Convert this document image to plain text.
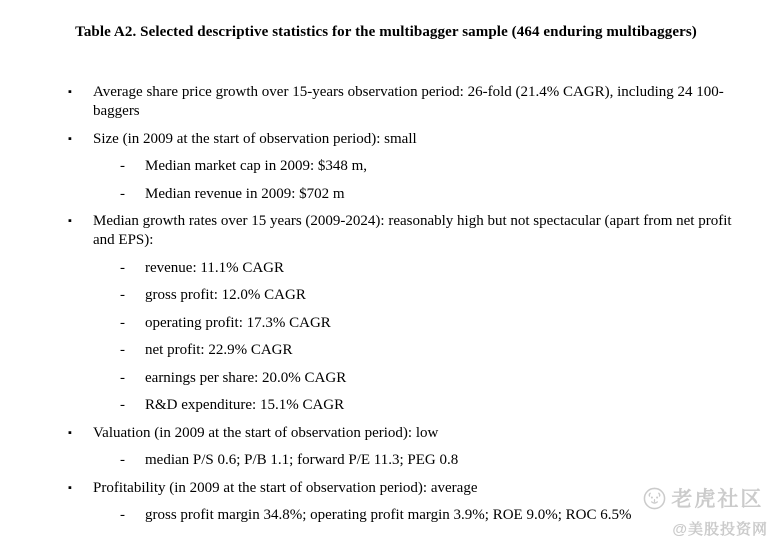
Table A2. Selected descriptive statistics for the multibagger sample (464 enduring multibaggers)
▪	Average share price growth over 15-years observation period: 26-fold (21.4% CAGR), including 24 100-baggers
▪	Size (in 2009 at the start of observation period): small
-	Median market cap in 2009: $348 m,
-	Median revenue in 2009: $702 m
▪	Median growth rates over 15 years (2009-2024): reasonably high but not spectacular (apart from net profit and EPS):
-	revenue: 11.1% CAGR
-	gross profit: 12.0% CAGR
-	operating profit: 17.3% CAGR
-	net profit: 22.9% CAGR
-	earnings per share: 20.0% CAGR
-	R&D expenditure: 15.1% CAGR
▪	Valuation (in 2009 at the start of observation period): low
-	median P/S 0.6; P/B 1.1; forward P/E 11.3; PEG 0.8
▪	Profitability (in 2009 at the start of observation period): average
-	gross profit margin 34.8%; operating profit margin 3.9%; ROE 9.0%; ROC 6.5%
老虎社区
@美股投资网
